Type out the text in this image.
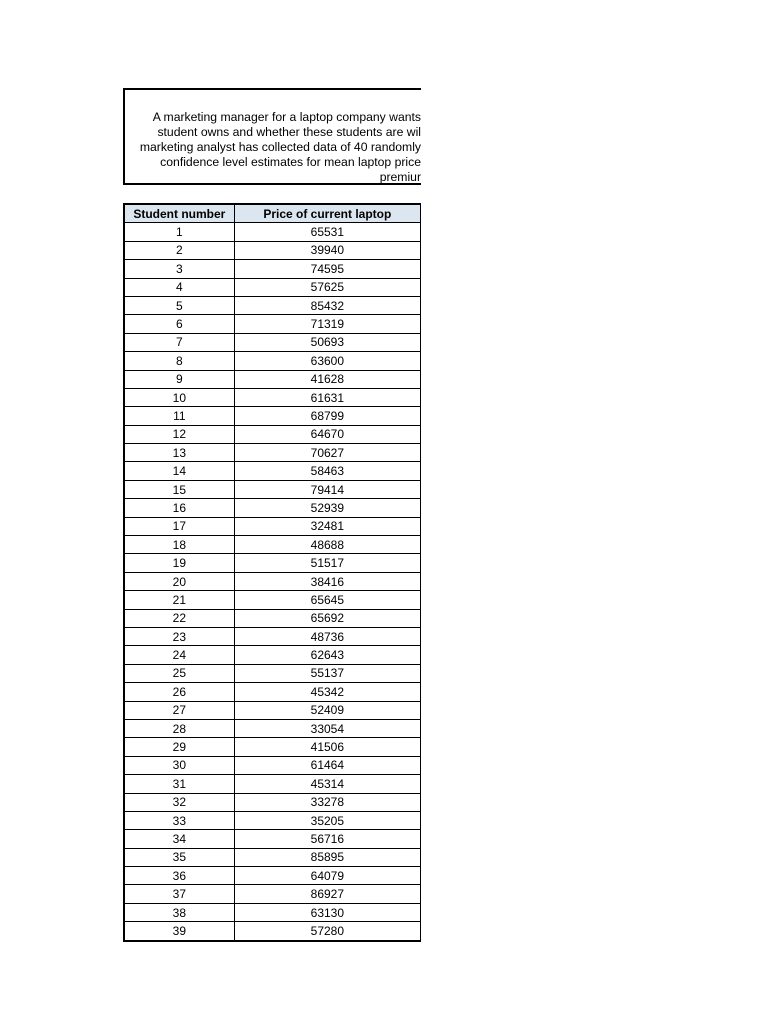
A marketing manager for a laptop company wants
student owns and whether these students are wil
marketing analyst has collected data of 40 randomly
confidence level estimates for mean laptop price
premiur
Student number	Price of current laptop
1	65531
2	39940
3	74595
4	57625
5	85432
6	71319
7	50693
8	63600
9	41628
10	61631
11	68799
12	64670
13	70627
14	58463
15	79414
16	52939
17	32481
18	48688
19	51517
20	38416
21	65645
22	65692
23	48736
24	62643
25	55137
26	45342
27	52409
28	33054
29	41506
30	61464
31	45314
32	33278
33	35205
34	56716
35	85895
36	64079
37	86927
38	63130
39	57280
